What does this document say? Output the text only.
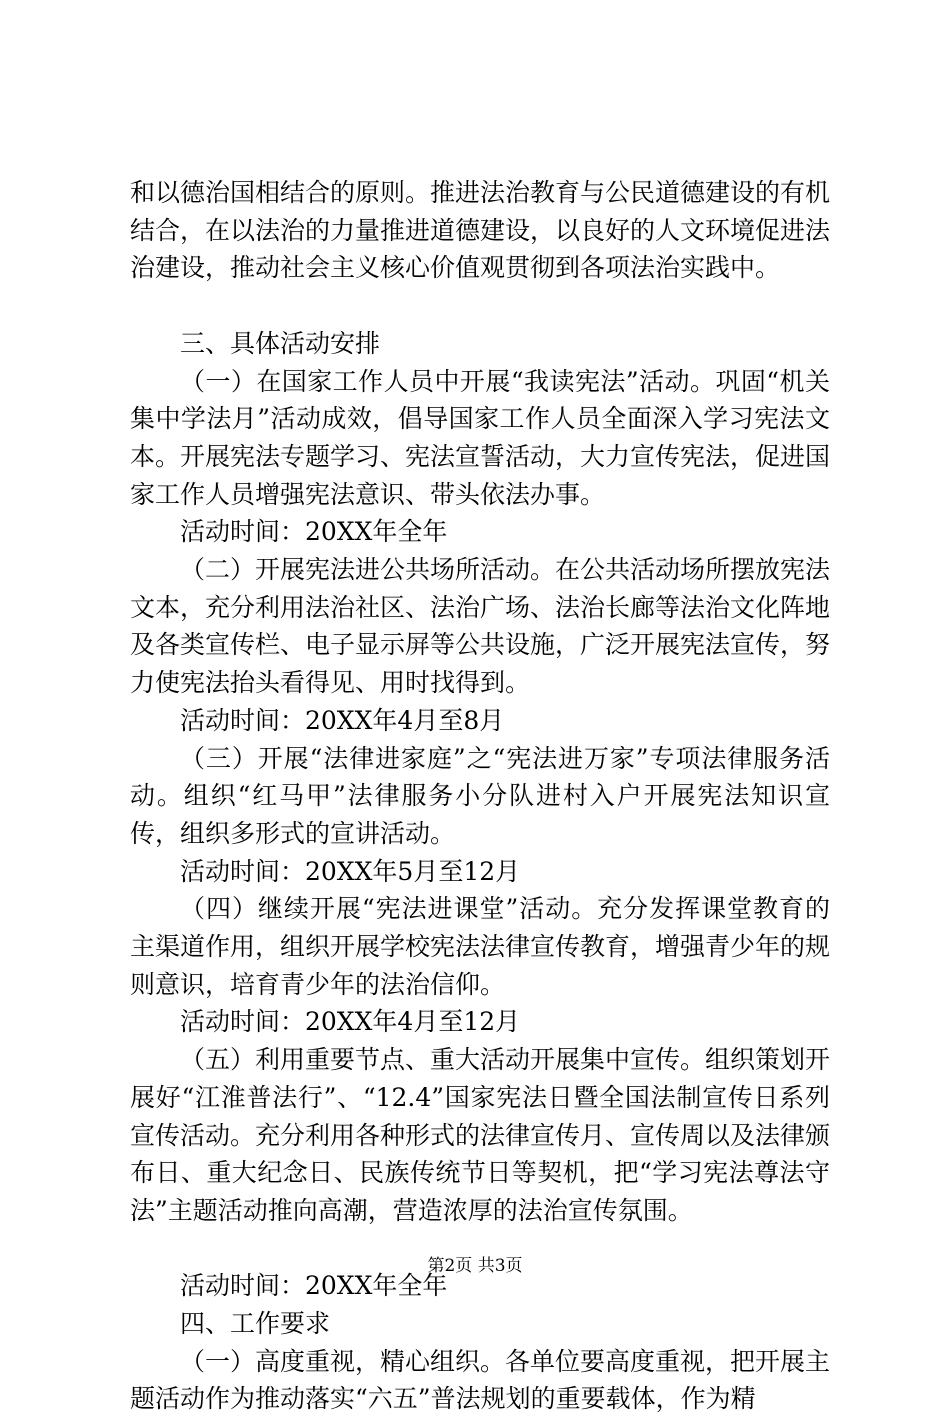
和以德治国相结合的原则。推进法治教育与公民道德建设的有机结合，在以法治的力量推进道德建设，以良好的人文环境促进法治建设，推动社会主义核心价值观贯彻到各项法治实践中。

三、具体活动安排

（一）在国家工作人员中开展“我读宪法”活动。巩固“机关集中学法月”活动成效，倡导国家工作人员全面深入学习宪法文本。开展宪法专题学习、宪法宣誓活动，大力宣传宪法，促进国家工作人员增强宪法意识、带头依法办事。

活动时间：20XX年全年

（二）开展宪法进公共场所活动。在公共活动场所摆放宪法文本，充分利用法治社区、法治广场、法治长廊等法治文化阵地及各类宣传栏、电子显示屏等公共设施，广泛开展宪法宣传，努力使宪法抬头看得见、用时找得到。

活动时间：20XX年4月至8月

（三）开展“法律进家庭”之“宪法进万家”专项法律服务活动。组织“红马甲”法律服务小分队进村入户开展宪法知识宣传，组织多形式的宣讲活动。

活动时间：20XX年5月至12月

（四）继续开展“宪法进课堂”活动。充分发挥课堂教育的主渠道作用，组织开展学校宪法法律宣传教育，增强青少年的规则意识，培育青少年的法治信仰。

活动时间：20XX年4月至12月

（五）利用重要节点、重大活动开展集中宣传。组织策划开展好“江淮普法行”、“12.4”国家宪法日暨全国法制宣传日系列宣传活动。充分利用各种形式的法律宣传月、宣传周以及法律颁布日、重大纪念日、民族传统节日等契机，把“学习宪法尊法守法”主题活动推向高潮，营造浓厚的法治宣传氛围。

活动时间：20XX年全年

四、工作要求

（一）高度重视，精心组织。各单位要高度重视，把开展主题活动作为推动落实“六五”普法规划的重要载体，作为精

第2页 共3页
